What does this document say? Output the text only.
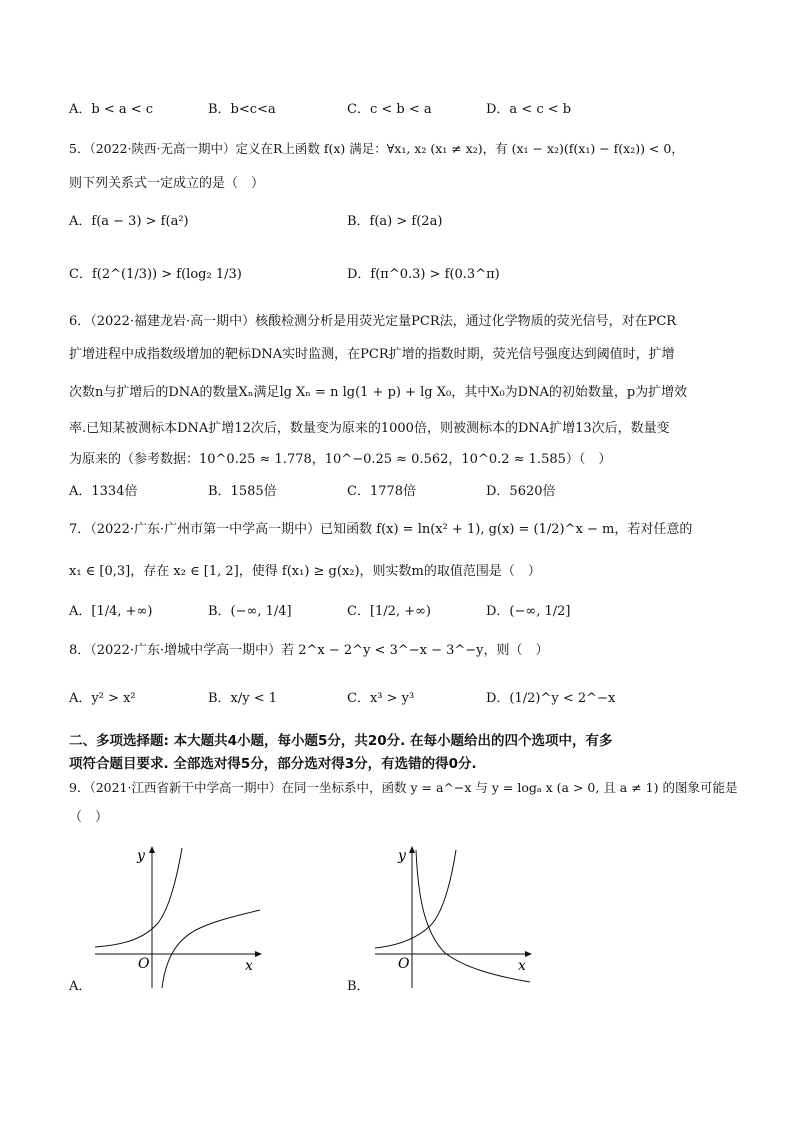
A．b < a < c	B．b<c<a	C．c < b < a	D．a < c < b
5．（2022·陕西·无高一期中）定义在R上函数 f(x) 满足：∀x₁, x₂ (x₁ ≠ x₂)，有 (x₁ − x₂)(f(x₁) − f(x₂)) < 0，
则下列关系式一定成立的是（　）
A．f(a − 3) > f(a²)	B．f(a) > f(2a)
C．f(2^(1/3)) > f(log₂ 1/3)	D．f(π^0.3) > f(0.3^π)
6．（2022·福建龙岩·高一期中）核酸检测分析是用荧光定量PCR法，通过化学物质的荧光信号，对在PCR
扩增进程中成指数级增加的靶标DNA实时监测，在PCR扩增的指数时期，荧光信号强度达到阈值时，扩增
次数n与扩增后的DNA的数量Xₙ满足lg Xₙ = n lg(1 + p) + lg X₀，其中X₀为DNA的初始数量，p为扩增效
率.已知某被测标本DNA扩增12次后，数量变为原来的1000倍，则被测标本的DNA扩增13次后，数量变
为原来的（参考数据：10^0.25 ≈ 1.778，10^−0.25 ≈ 0.562，10^0.2 ≈ 1.585）（　）
A．1334倍	B．1585倍	C．1778倍	D．5620倍
7．（2022·广东·广州市第一中学高一期中）已知函数 f(x) = ln(x² + 1), g(x) = (1/2)^x − m，若对任意的
x₁ ∈ [0,3]，存在 x₂ ∈ [1, 2]，使得 f(x₁) ≥ g(x₂)，则实数m的取值范围是（　）
A．[1/4, +∞)	B．(−∞, 1/4]	C．[1/2, +∞)	D．(−∞, 1/2]
8．（2022·广东·增城中学高一期中）若 2^x − 2^y < 3^−x − 3^−y，则（　）
A．y² > x²	B．x/y < 1	C．x³ > y³	D．(1/2)^y < 2^−x
二、多项选择题: 本大题共4小题，每小题5分，共20分. 在每小题给出的四个选项中，有多
项符合题目要求. 全部选对得5分，部分选对得3分，有选错的得0分.
9．（2021·江西省新干中学高一期中）在同一坐标系中，函数 y = a^−x 与 y = logₐ x (a > 0, 且 a ≠ 1) 的图象可能是
（　）
O	x
y
A．
O	x
y
B．
